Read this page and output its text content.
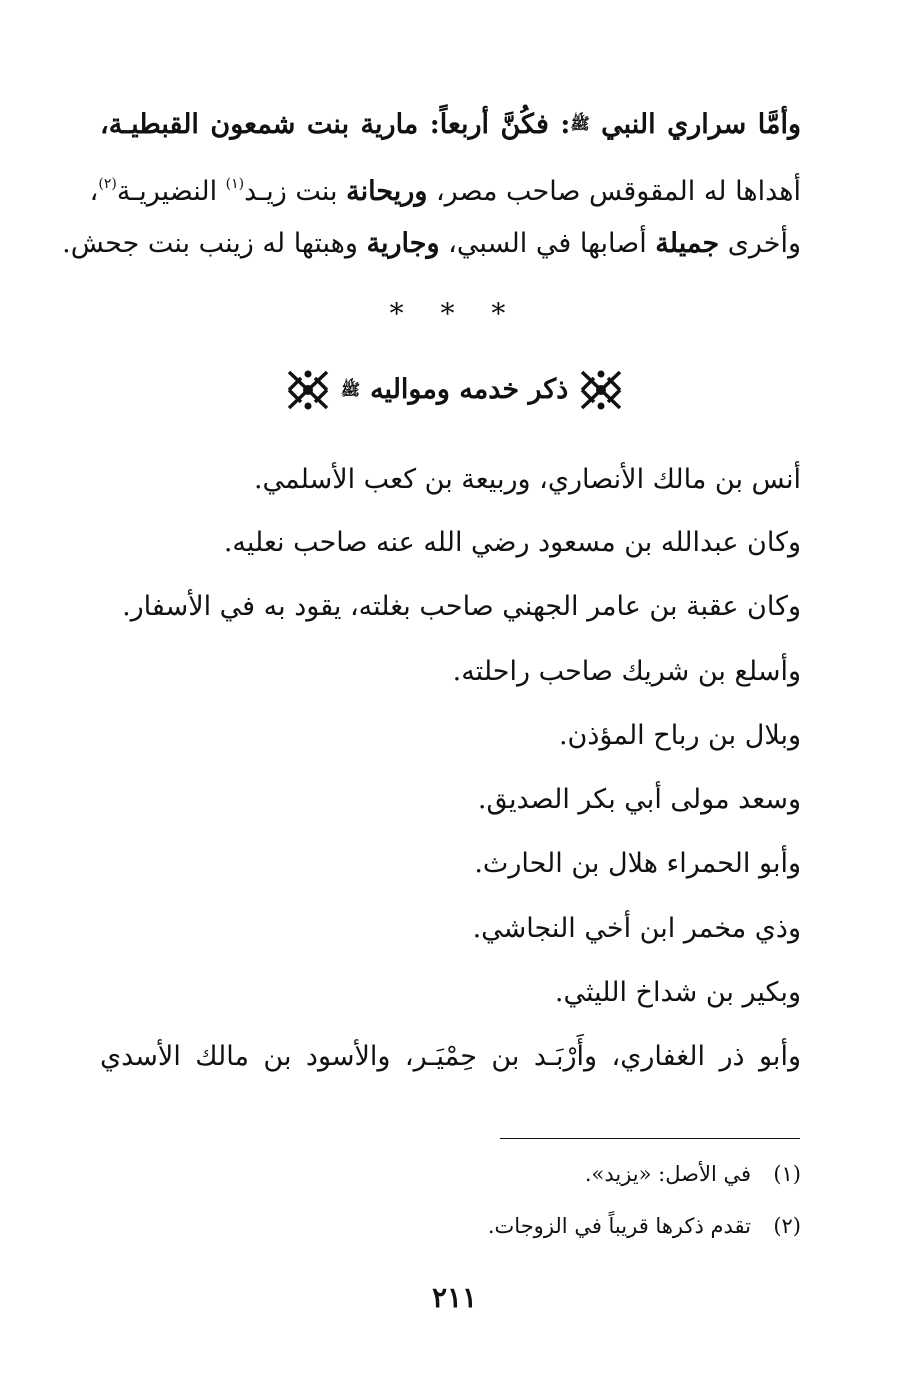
وأمَّا سراري النبي ﷺ: فكُنَّ أربعاً: مارية بنت شمعون القبطيـة،
أهداها له المقوقس صاحب مصر، وريحانة بنت زيـد$^{(١)}$ النضيريـة$^{(٢)}$،
وأخرى جميلة أصابها في السبي، وجارية وهبتها له زينب بنت جحش.
* * *
ذكر خدمه ومواليه
ﷺ
أنس بن مالك الأنصاري، وربيعة بن كعب الأسلمي.
وكان عبدالله بن مسعود رضي الله عنه صاحب نعليه.
وكان عقبة بن عامر الجهني صاحب بغلته، يقود به في الأسفار.
وأسلع بن شريك صاحب راحلته.
وبلال بن رباح المؤذن.
وسعد مولى أبي بكر الصديق.
وأبو الحمراء هلال بن الحارث.
وذي مخمر ابن أخي النجاشي.
وبكير بن شداخ الليثي.
وأبو ذر الغفاري، وأَرْبَـد بن حِمْيَـر، والأسود بن مالك الأسدي
(١)في الأصل: «يزيد».
(٢)تقدم ذكرها قريباً في الزوجات.
٢١١
